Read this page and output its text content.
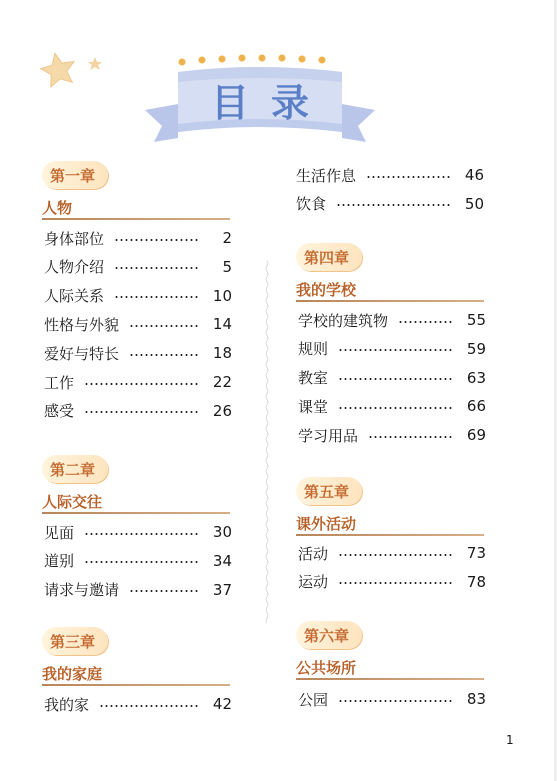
目录
第一章
人物
身体部位	2
人物介绍	5
人际关系	10
性格与外貌	14
爱好与特长	18
工作	22
感受	26
第二章
人际交往
见面	30
道别	34
请求与邀请	37
第三章
我的家庭
我的家	42
生活作息	46
饮食	50
第四章
我的学校
学校的建筑物	55
规则	59
教室	63
课堂	66
学习用品	69
第五章
课外活动
活动	73
运动	78
第六章
公共场所
公园	83
1
